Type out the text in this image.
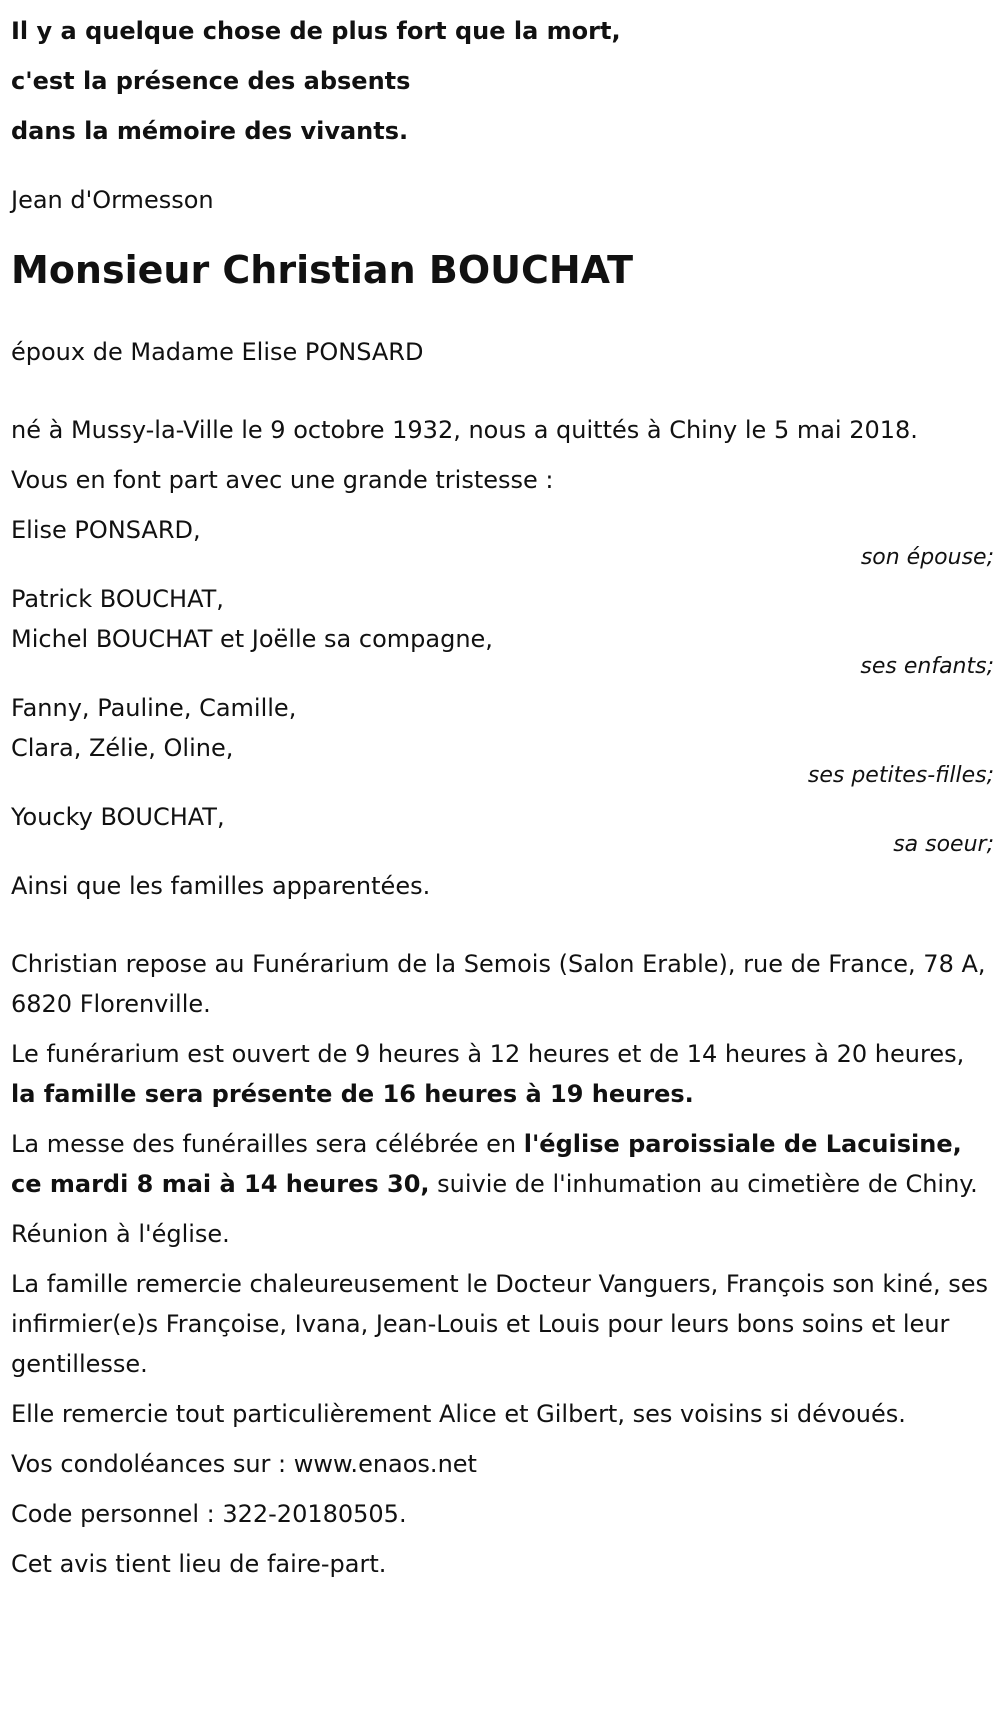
Il y a quelque chose de plus fort que la mort,

c'est la présence des absents

dans la mémoire des vivants.

Jean d'Ormesson

Monsieur Christian BOUCHAT

époux de Madame Elise PONSARD

né à Mussy-la-Ville le 9 octobre 1932, nous a quittés à Chiny le 5 mai 2018.

Vous en font part avec une grande tristesse :

Elise PONSARD,

son épouse;

Patrick BOUCHAT,

Michel BOUCHAT et Joëlle sa compagne,

ses enfants;

Fanny, Pauline, Camille,

Clara, Zélie, Oline,

ses petites-filles;

Youcky BOUCHAT,

sa soeur;

Ainsi que les familles apparentées.

Christian repose au Funérarium de la Semois (Salon Erable), rue de France, 78 A, 6820 Florenville.

Le funérarium est ouvert de 9 heures à 12 heures et de 14 heures à 20 heures, la famille sera présente de 16 heures à 19 heures.

La messe des funérailles sera célébrée en l'église paroissiale de Lacuisine, ce mardi 8 mai à 14 heures 30, suivie de l'inhumation au cimetière de Chiny.

Réunion à l'église.

La famille remercie chaleureusement le Docteur Vanguers, François son kiné, ses infirmier(e)s Françoise, Ivana, Jean-Louis et Louis pour leurs bons soins et leur gentillesse.

Elle remercie tout particulièrement Alice et Gilbert, ses voisins si dévoués.

Vos condoléances sur : www.enaos.net

Code personnel : 322-20180505.

Cet avis tient lieu de faire-part.
